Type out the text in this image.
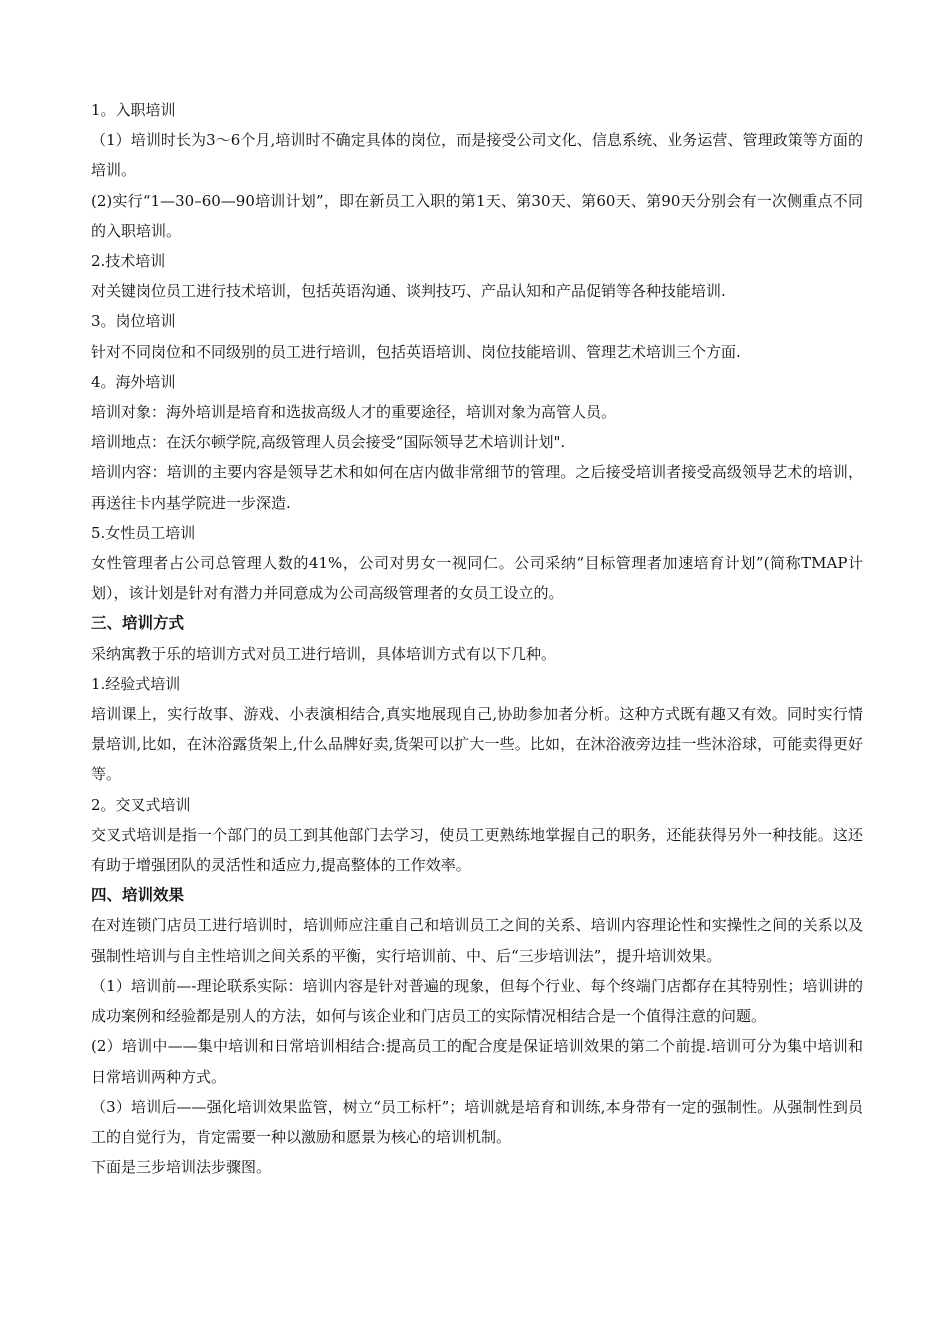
1。入职培训

（1）培训时长为3～6个月,培训时不确定具体的岗位，而是接受公司文化、信息系统、业务运营、管理政策等方面的培训。

(2)实行“1—30–60—90培训计划”，即在新员工入职的第1天、第30天、第60天、第90天分别会有一次侧重点不同的入职培训。

2.技术培训

对关键岗位员工进行技术培训，包括英语沟通、谈判技巧、产品认知和产品促销等各种技能培训.

3。岗位培训

针对不同岗位和不同级别的员工进行培训，包括英语培训、岗位技能培训、管理艺术培训三个方面.

4。海外培训

培训对象：海外培训是培育和选拔高级人才的重要途径，培训对象为高管人员。

培训地点：在沃尔顿学院,高级管理人员会接受“国际领导艺术培训计划".

培训内容：培训的主要内容是领导艺术和如何在店内做非常细节的管理。之后接受培训者接受高级领导艺术的培训，再送往卡内基学院进一步深造.

5.女性员工培训

女性管理者占公司总管理人数的41%，公司对男女一视同仁。公司采纳“目标管理者加速培育计划”(简称TMAP计划），该计划是针对有潜力并同意成为公司高级管理者的女员工设立的。

三、培训方式

采纳寓教于乐的培训方式对员工进行培训，具体培训方式有以下几种。

1.经验式培训

培训课上，实行故事、游戏、小表演相结合,真实地展现自己,协助参加者分析。这种方式既有趣又有效。同时实行情景培训,比如，在沐浴露货架上,什么品牌好卖,货架可以扩大一些。比如，在沐浴液旁边挂一些沐浴球，可能卖得更好等。

2。交叉式培训

交叉式培训是指一个部门的员工到其他部门去学习，使员工更熟练地掌握自己的职务，还能获得另外一种技能。这还有助于增强团队的灵活性和适应力,提高整体的工作效率。

四、培训效果

在对连锁门店员工进行培训时，培训师应注重自己和培训员工之间的关系、培训内容理论性和实操性之间的关系以及强制性培训与自主性培训之间关系的平衡，实行培训前、中、后“三步培训法”，提升培训效果。

（1）培训前—-理论联系实际：培训内容是针对普遍的现象，但每个行业、每个终端门店都存在其特别性；培训讲的成功案例和经验都是别人的方法，如何与该企业和门店员工的实际情况相结合是一个值得注意的问题。

(2）培训中——集中培训和日常培训相结合:提高员工的配合度是保证培训效果的第二个前提.培训可分为集中培训和日常培训两种方式。

（3）培训后——强化培训效果监管，树立“员工标杆”；培训就是培育和训练,本身带有一定的强制性。从强制性到员工的自觉行为，肯定需要一种以激励和愿景为核心的培训机制。

下面是三步培训法步骤图。
